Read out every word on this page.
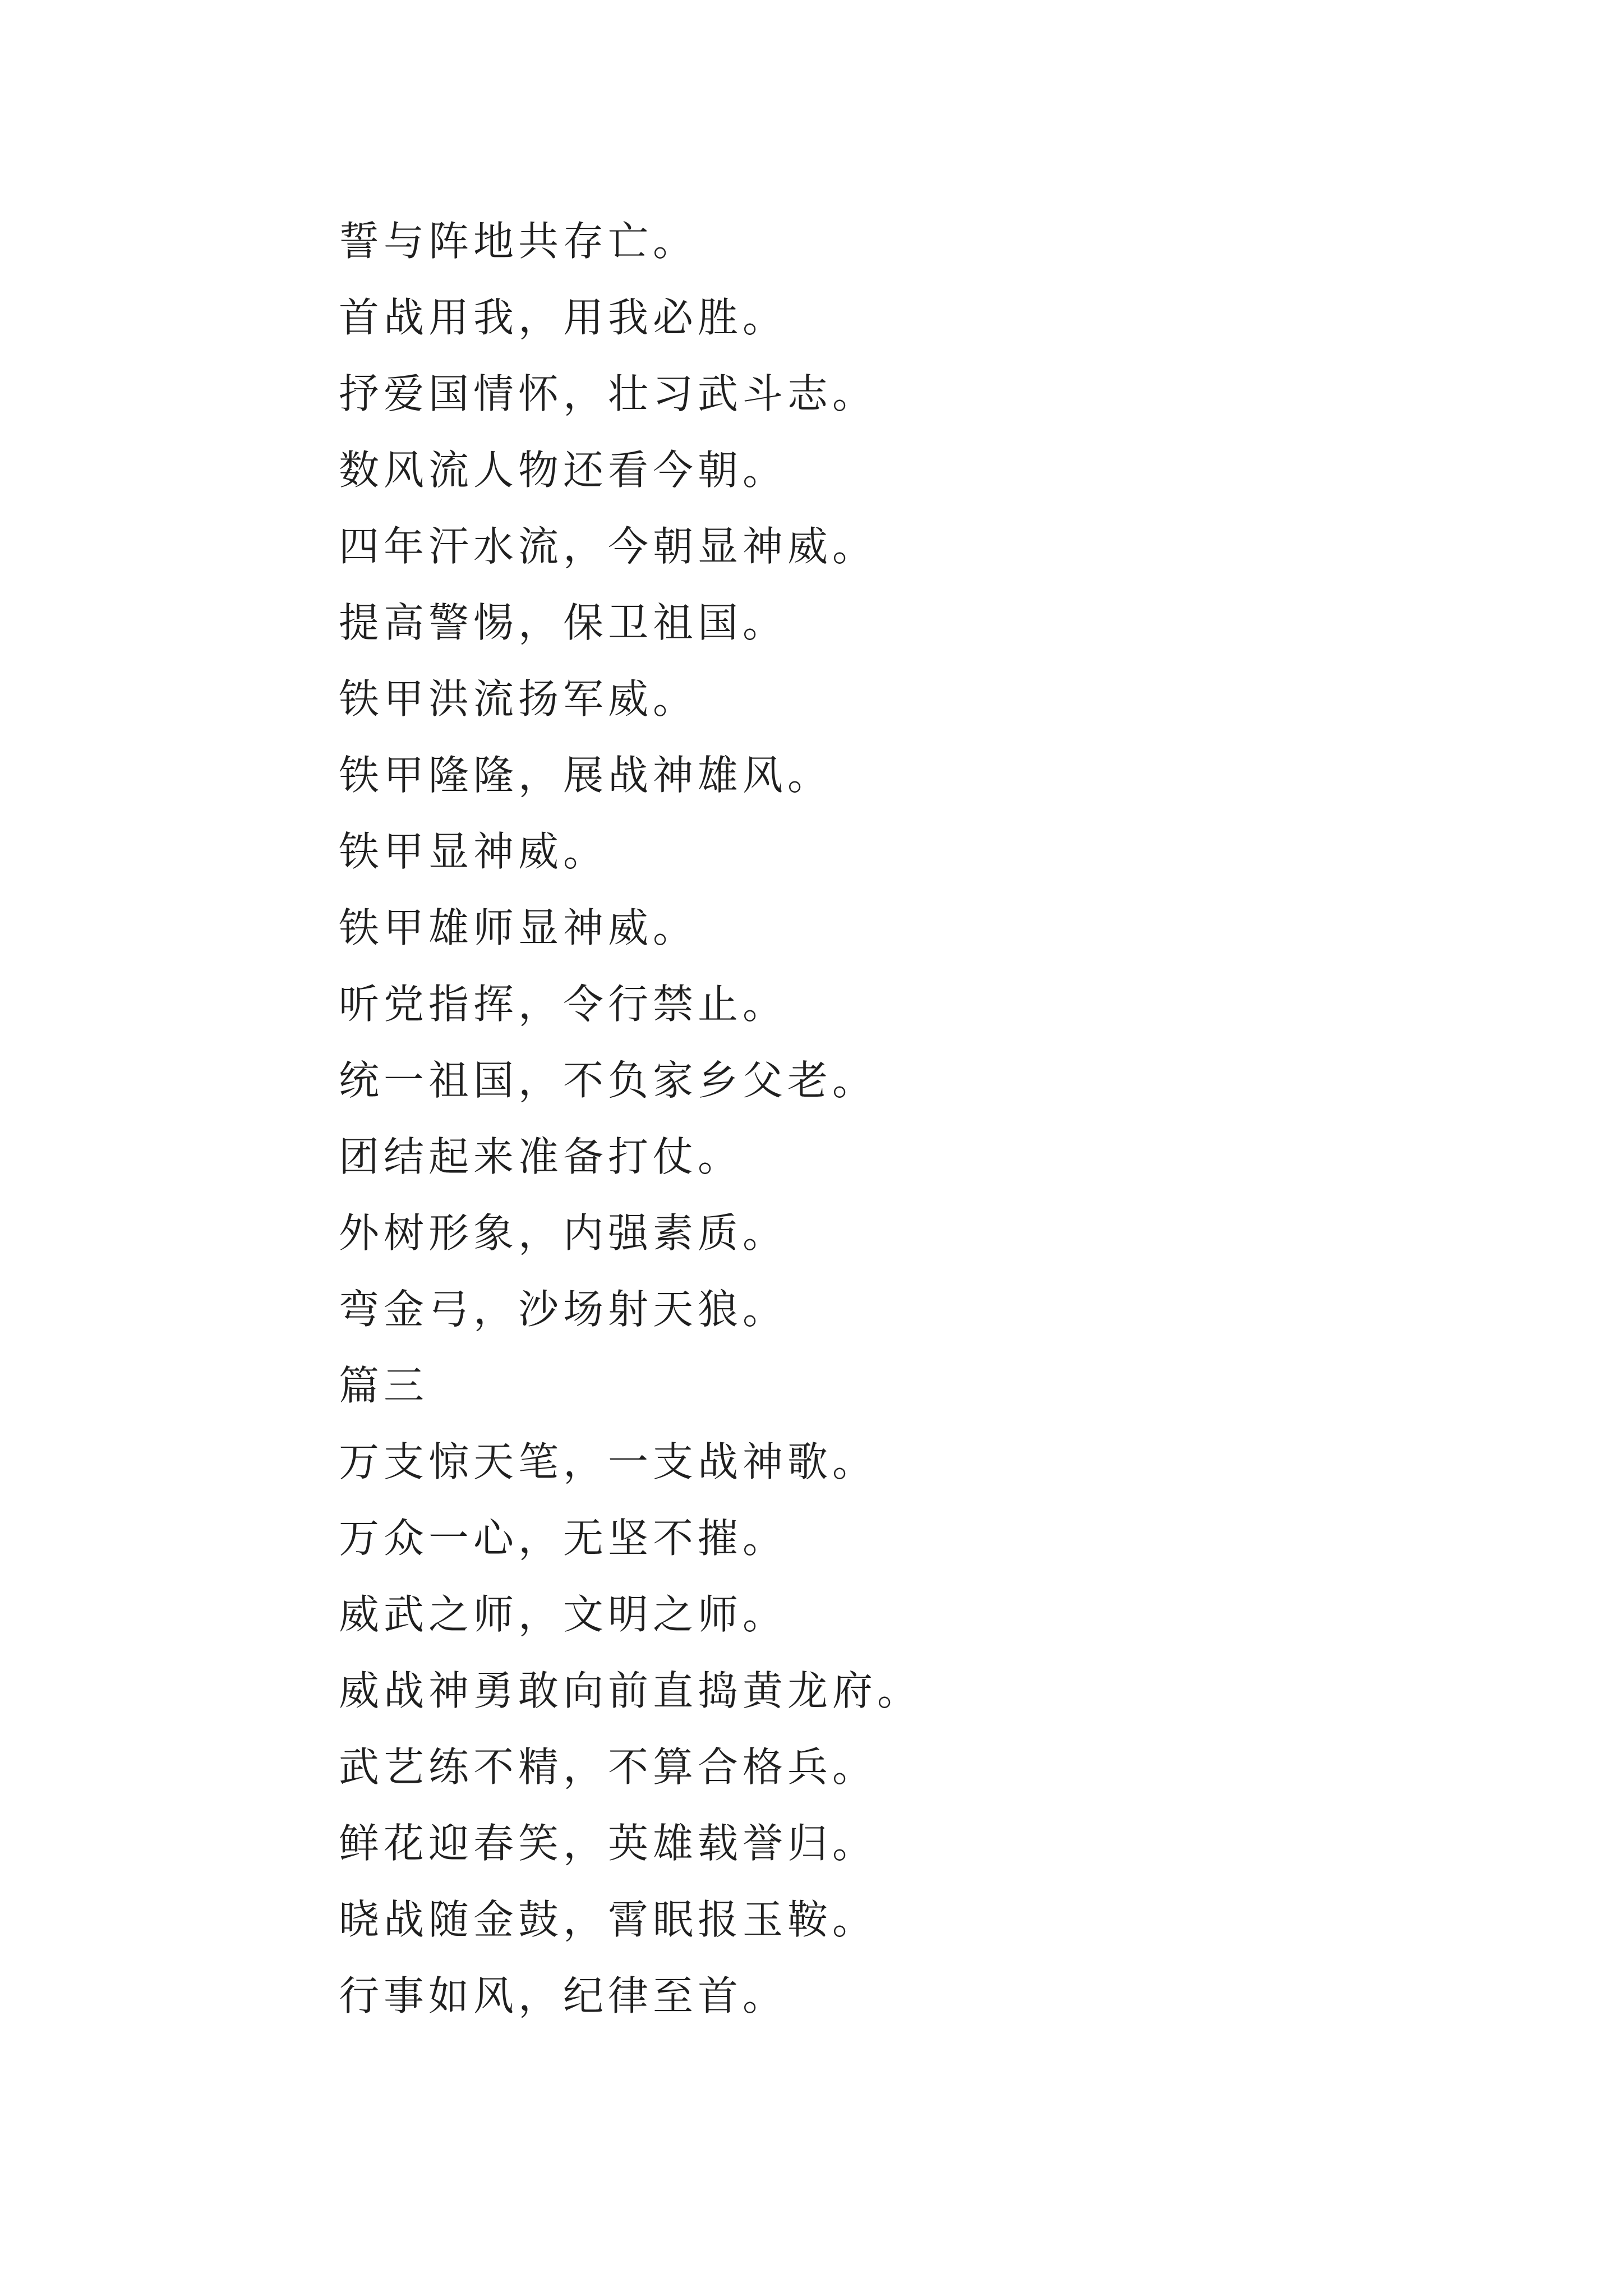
誓与阵地共存亡。
首战用我，用我必胜。
抒爱国情怀，壮习武斗志。
数风流人物还看今朝。
四年汗水流，今朝显神威。
提高警惕，保卫祖国。
铁甲洪流扬军威。
铁甲隆隆，展战神雄风。
铁甲显神威。
铁甲雄师显神威。
听党指挥，令行禁止。
统一祖国，不负家乡父老。
团结起来准备打仗。
外树形象，内强素质。
弯金弓，沙场射天狼。
篇三
万支惊天笔，一支战神歌。
万众一心，无坚不摧。
威武之师，文明之师。
威战神勇敢向前直捣黄龙府。
武艺练不精，不算合格兵。
鲜花迎春笑，英雄载誉归。
晓战随金鼓，霄眠报玉鞍。
行事如风，纪律至首。
